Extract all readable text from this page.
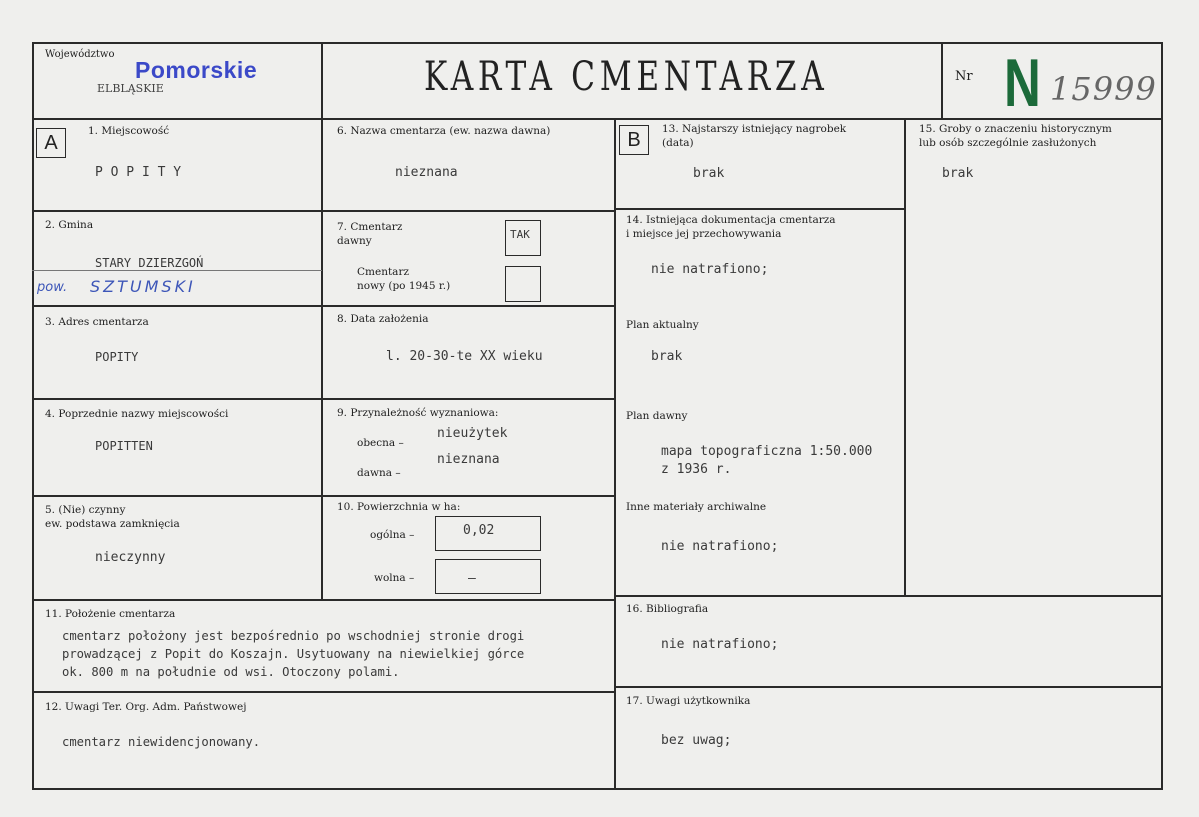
Województwo
Pomorskie
ELBLĄSKIE	KARTA CMENTARZA	Nr N 15999
A
1. Miejscowość
P O P I T Y
2. Gmina
STARY DZIERZGOŃ
pow. SZTUMSKI
3. Adres cmentarza
POPITY
4. Poprzednie nazwy miejscowości
POPITTEN
5. (Nie) czynny
ew. podstawa zamknięcia
nieczynny
6. Nazwa cmentarza (ew. nazwa dawna)
nieznana
7. Cmentarz
dawny	TAK
Cmentarz
nowy (po 1945 r.)
8. Data założenia
l. 20-30-te XX wieku
9. Przynależność wyznaniowa:
obecna –
nieużytek
dawna –
nieznana
10. Powierzchnia w ha:
ogólna –	0,02
wolna –	–
11. Położenie cmentarza
cmentarz położony jest bezpośrednio po wschodniej stronie drogi
prowadzącej z Popit do Koszajn. Usytuowany na niewielkiej górce
ok. 800 m na południe od wsi. Otoczony polami.
12. Uwagi Ter. Org. Adm. Państwowej
cmentarz niewidencjonowany.
B	13. Najstarszy istniejący nagrobek
(data)
brak
14. Istniejąca dokumentacja cmentarza
i miejsce jej przechowywania
nie natrafiono;
Plan aktualny
brak
Plan dawny
mapa topograficzna 1:50.000
z 1936 r.
Inne materiały archiwalne
nie natrafiono;
15. Groby o znaczeniu historycznym
lub osób szczególnie zasłużonych
brak
16. Bibliografia
nie natrafiono;
17. Uwagi użytkownika
bez uwag;
